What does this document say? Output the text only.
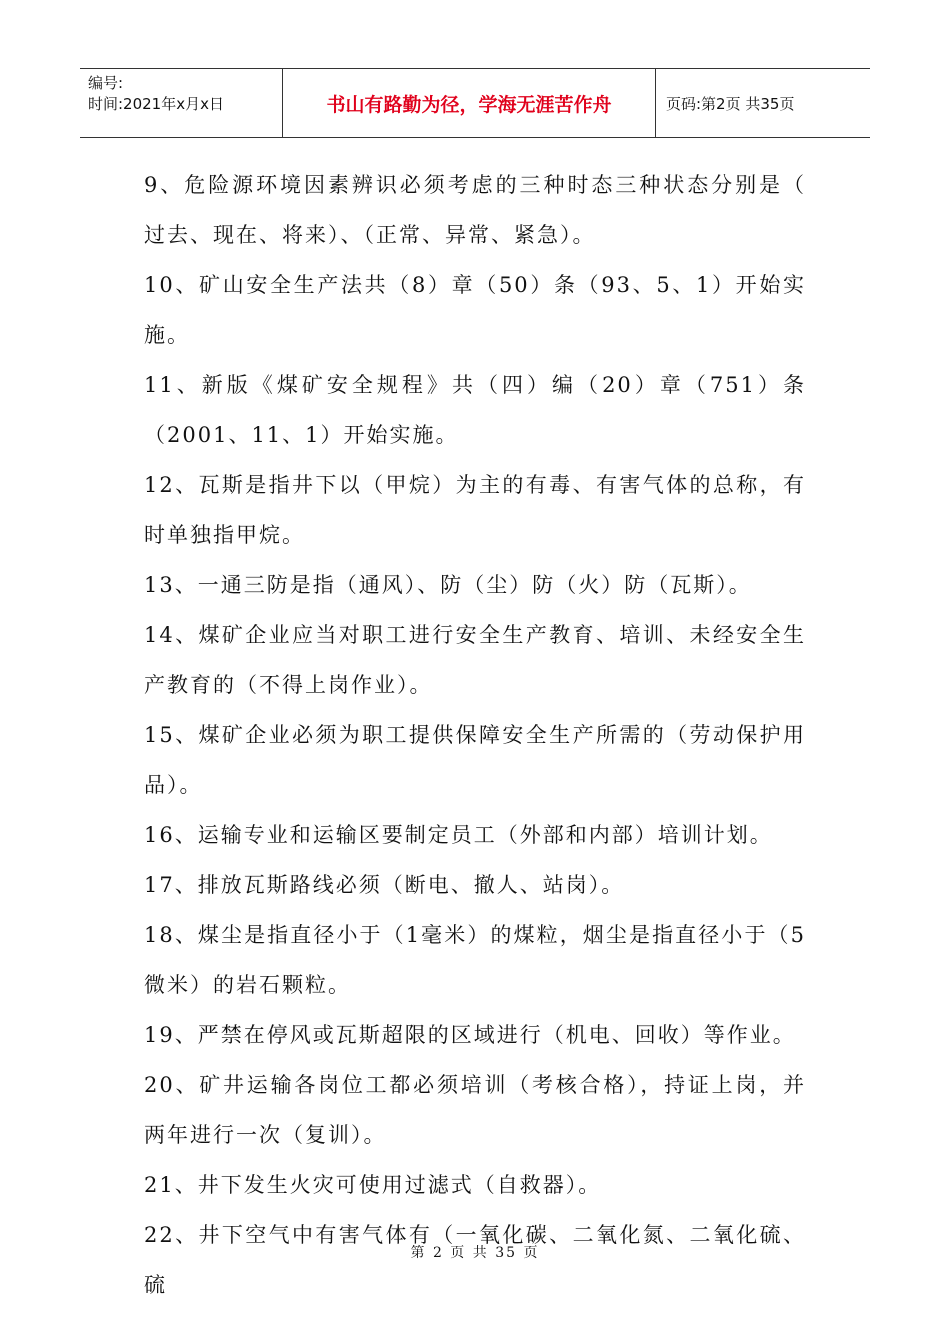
编号:
时间:2021年x月x日	书山有路勤为径，学海无涯苦作舟	页码:第2页 共35页
9、危险源环境因素辨识必须考虑的三种时态三种状态分别是（ 过去、现在、将来）、（正常、异常、紧急）。
10、矿山安全生产法共（8）章（50）条（93、5、1）开始实施。
11、新版《煤矿安全规程》共（四）编（20）章（751）条（2001、11、1）开始实施。
12、瓦斯是指井下以（甲烷）为主的有毒、有害气体的总称，有时单独指甲烷。
13、一通三防是指（通风）、防（尘）防（火）防（瓦斯）。
14、煤矿企业应当对职工进行安全生产教育、培训、未经安全生产教育的（不得上岗作业）。
15、煤矿企业必须为职工提供保障安全生产所需的（劳动保护用品）。
16、运输专业和运输区要制定员工（外部和内部）培训计划。
17、排放瓦斯路线必须（断电、撤人、站岗）。
18、煤尘是指直径小于（1毫米）的煤粒，烟尘是指直径小于（5微米）的岩石颗粒。
19、严禁在停风或瓦斯超限的区域进行（机电、回收）等作业。
20、矿井运输各岗位工都必须培训（考核合格），持证上岗，并两年进行一次（复训）。
21、井下发生火灾可使用过滤式（自救器）。
22、井下空气中有害气体有（一氧化碳、二氧化氮、二氧化硫、硫
第 2 页 共 35 页
